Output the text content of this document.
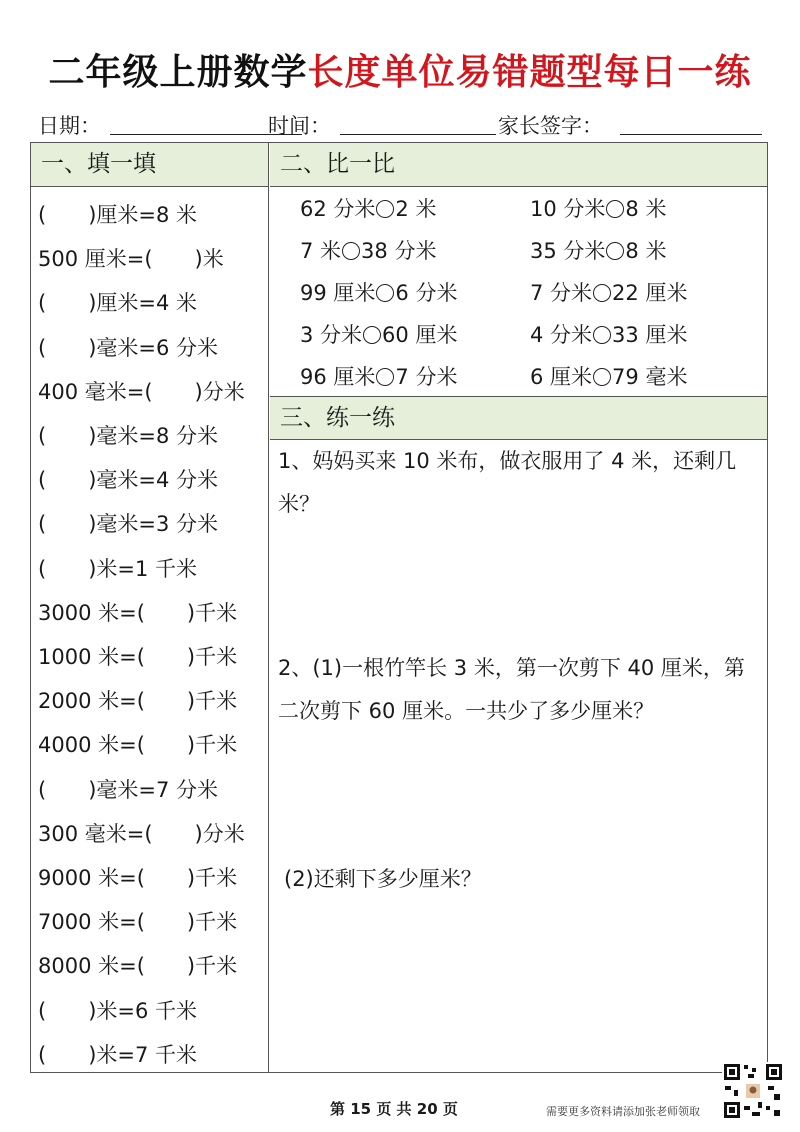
二年级上册数学长度单位易错题型每日一练
日期：	时间：	家长签字：
一、填一填	二、比一比
三、练一练
(　　)厘米=8 米
500 厘米=(　　)米
(　　)厘米=4 米
(　　)毫米=6 分米
400 毫米=(　　)分米
(　　)毫米=8 分米
(　　)毫米=4 分米
(　　)毫米=3 分米
(　　)米=1 千米
3000 米=(　　)千米
1000 米=(　　)千米
2000 米=(　　)千米
4000 米=(　　)千米
(　　)毫米=7 分米
300 毫米=(　　)分米
9000 米=(　　)千米
7000 米=(　　)千米
8000 米=(　　)千米
(　　)米=6 千米
(　　)米=7 千米
62 分米 2 米	10 分米 8 米
7 米 38 分米	35 分米 8 米
99 厘米 6 分米	7 分米 22 厘米
3 分米 60 厘米	4 分米 33 厘米
96 厘米 7 分米	6 厘米 79 毫米
1、妈妈买来 10 米布，做衣服用了 4 米，还剩几米？
2、(1)一根竹竿长 3 米，第一次剪下 40 厘米，第二次剪下 60 厘米。一共少了多少厘米？
(2)还剩下多少厘米？
第 15 页 共 20 页	需要更多资料请添加张老师领取
